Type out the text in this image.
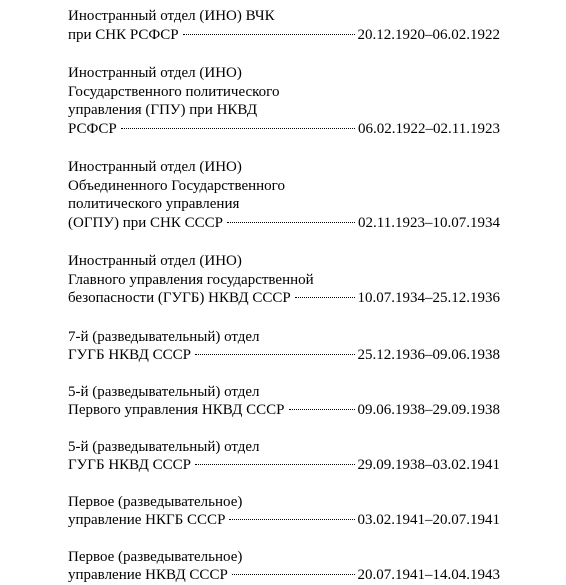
Иностранный отдел (ИНО) ВЧК
при СНК РСФСР	20.12.1920–06.02.1922
Иностранный отдел (ИНО)
Государственного политического
управления (ГПУ) при НКВД
РСФСР	06.02.1922–02.11.1923
Иностранный отдел (ИНО)
Объединенного Государственного
политического управления
(ОГПУ) при СНК СССР	02.11.1923–10.07.1934
Иностранный отдел (ИНО)
Главного управления государственной
безопасности (ГУГБ) НКВД СССР	10.07.1934–25.12.1936
7-й (разведывательный) отдел
ГУГБ НКВД СССР	25.12.1936–09.06.1938
5-й (разведывательный) отдел
Первого управления НКВД СССР	09.06.1938–29.09.1938
5-й (разведывательный) отдел
ГУГБ НКВД СССР	29.09.1938–03.02.1941
Первое (разведывательное)
управление НКГБ СССР	03.02.1941–20.07.1941
Первое (разведывательное)
управление НКВД СССР	20.07.1941–14.04.1943
